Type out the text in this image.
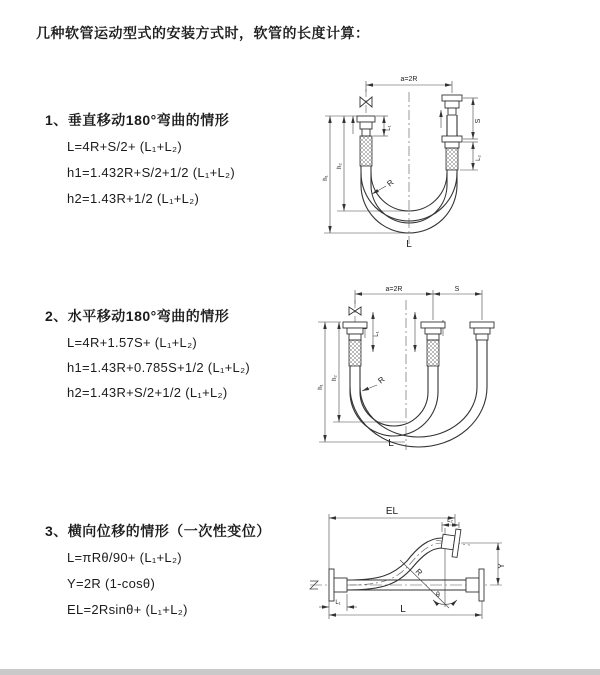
几种软管运动型式的安装方式时，软管的长度计算：
1、垂直移动180°弯曲的情形
L=4R+S/2+ (L₁+L₂)
h1=1.432R+S/2+1/2 (L₁+L₂)
h2=1.43R+1/2 (L₁+L₂)
2、水平移动180°弯曲的情形
L=4R+1.57S+ (L₁+L₂)
h1=1.43R+0.785S+1/2 (L₁+L₂)
h2=1.43R+S/2+1/2 (L₁+L₂)
3、横向位移的情形（一次性变位）
L=πRθ/90+ (L₁+L₂)
Y=2R (1-cosθ)
EL=2Rsinθ+ (L₁+L₂)
a=2R
S
L₂
L₁
h₁
h₂
R
L
a=2R	S
L₁
h₁
h₂	R
L
EL
L₂
Y
R
θ
L
L₁
